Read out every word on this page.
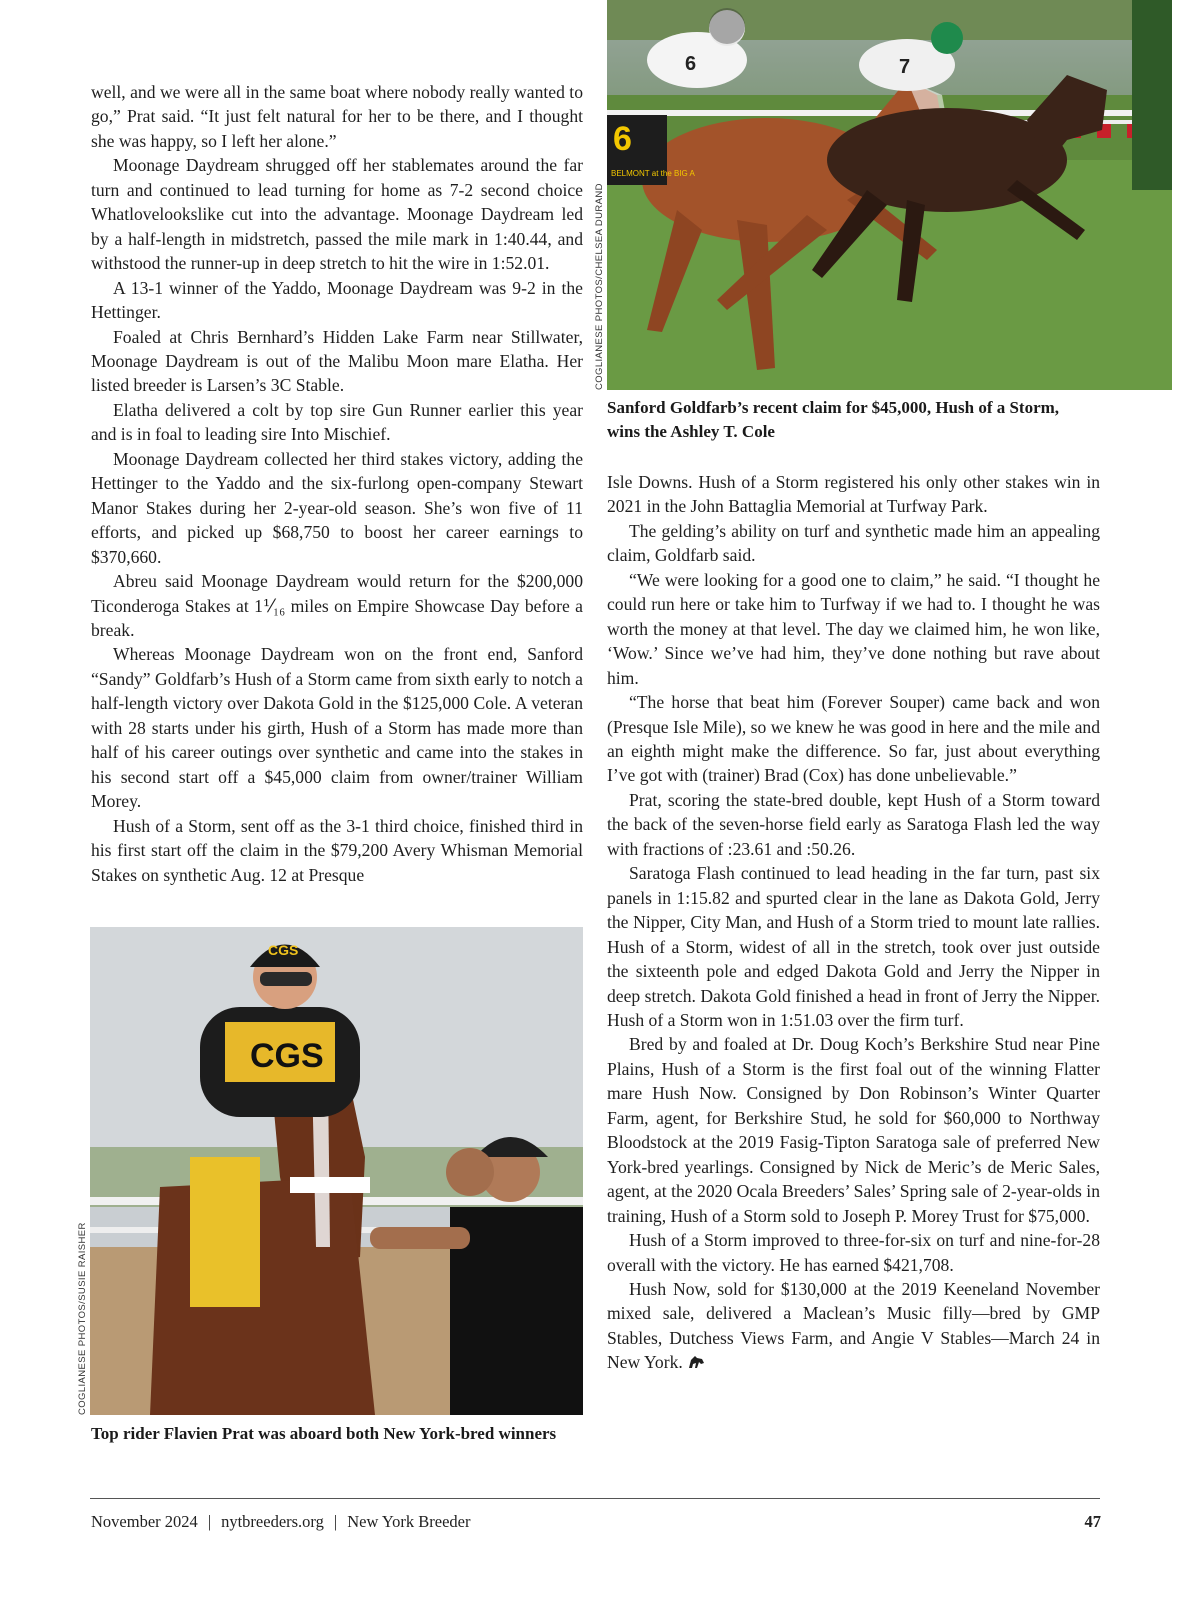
6
BELMONT at the BIG A
6	7
COGLIANESE PHOTOS/CHELSEA DURAND
Sanford Goldfarb’s recent claim for $45,000, Hush of a Storm, wins the Ashley T. Cole

well, and we were all in the same boat where nobody really wanted to go,” Prat said. “It just felt natural for her to be there, and I thought she was happy, so I left her alone.”

Moonage Daydream shrugged off her stablemates around the far turn and continued to lead turning for home as 7-2 second choice Whatlovelookslike cut into the advantage. Moonage Daydream led by a half-length in midstretch, passed the mile mark in 1:40.44, and withstood the runner-up in deep stretch to hit the wire in 1:52.01.

A 13-1 winner of the Yaddo, Moonage Daydream was 9-2 in the Hettinger.

Foaled at Chris Bernhard’s Hidden Lake Farm near Stillwater, Moonage Daydream is out of the Malibu Moon mare Elatha. Her listed breeder is Larsen’s 3C Stable.

Elatha delivered a colt by top sire Gun Runner earlier this year and is in foal to leading sire Into Mischief.

Moonage Daydream collected her third stakes victory, adding the Hettinger to the Yaddo and the six-furlong open-company Stewart Manor Stakes during her 2-year-old season. She’s won five of 11 efforts, and picked up $68,750 to boost her career earnings to $370,660.

Abreu said Moonage Daydream would return for the $200,000 Ticonderoga Stakes at 1⅟₁₆ miles on Empire Showcase Day before a break.

Whereas Moonage Daydream won on the front end, Sanford “Sandy” Goldfarb’s Hush of a Storm came from sixth early to notch a half-length victory over Dakota Gold in the $125,000 Cole. A veteran with 28 starts under his girth, Hush of a Storm has made more than half of his career outings over synthetic and came into the stakes in his second start off a $45,000 claim from owner/trainer William Morey.

Hush of a Storm, sent off as the 3-1 third choice, finished third in his first start off the claim in the $79,200 Avery Whisman Memorial Stakes on synthetic Aug. 12 at Presque

Isle Downs. Hush of a Storm registered his only other stakes win in 2021 in the John Battaglia Memorial at Turfway Park.

The gelding’s ability on turf and synthetic made him an appealing claim, Goldfarb said.

“We were looking for a good one to claim,” he said. “I thought he could run here or take him to Turfway if we had to. I thought he was worth the money at that level. The day we claimed him, he won like, ‘Wow.’ Since we’ve had him, they’ve done nothing but rave about him.

“The horse that beat him (Forever Souper) came back and won (Presque Isle Mile), so we knew he was good in here and the mile and an eighth might make the difference. So far, just about everything I’ve got with (trainer) Brad (Cox) has done unbelievable.”

Prat, scoring the state-bred double, kept Hush of a Storm toward the back of the seven-horse field early as Saratoga Flash led the way with fractions of :23.61 and :50.26.

Saratoga Flash continued to lead heading in the far turn, past six panels in 1:15.82 and spurted clear in the lane as Dakota Gold, Jerry the Nipper, City Man, and Hush of a Storm tried to mount late rallies. Hush of a Storm, widest of all in the stretch, took over just outside the sixteenth pole and edged Dakota Gold and Jerry the Nipper in deep stretch. Dakota Gold finished a head in front of Jerry the Nipper. Hush of a Storm won in 1:51.03 over the firm turf.

Bred by and foaled at Dr. Doug Koch’s Berkshire Stud near Pine Plains, Hush of a Storm is the first foal out of the winning Flatter mare Hush Now. Consigned by Don Robinson’s Winter Quarter Farm, agent, for Berkshire Stud, he sold for $60,000 to Northway Bloodstock at the 2019 Fasig-Tipton Saratoga sale of preferred New York-bred yearlings. Consigned by Nick de Meric’s de Meric Sales, agent, at the 2020 Ocala Breeders’ Sales’ Spring sale of 2-year-olds in training, Hush of a Storm sold to Joseph P. Morey Trust for $75,000.

Hush of a Storm improved to three-for-six on turf and nine-for-28 overall with the victory. He has earned $421,708.

Hush Now, sold for $130,000 at the 2019 Keeneland November mixed sale, delivered a Maclean’s Music filly—bred by GMP Stables, Dutchess Views Farm, and Angie V Stables—March 24 in New York.

CGS
CGS
COGLIANESE PHOTOS/SUSIE RAISHER
Top rider Flavien Prat was aboard both New York-bred winners
November 2024 | nytbreeders.org | New York Breeder	47
